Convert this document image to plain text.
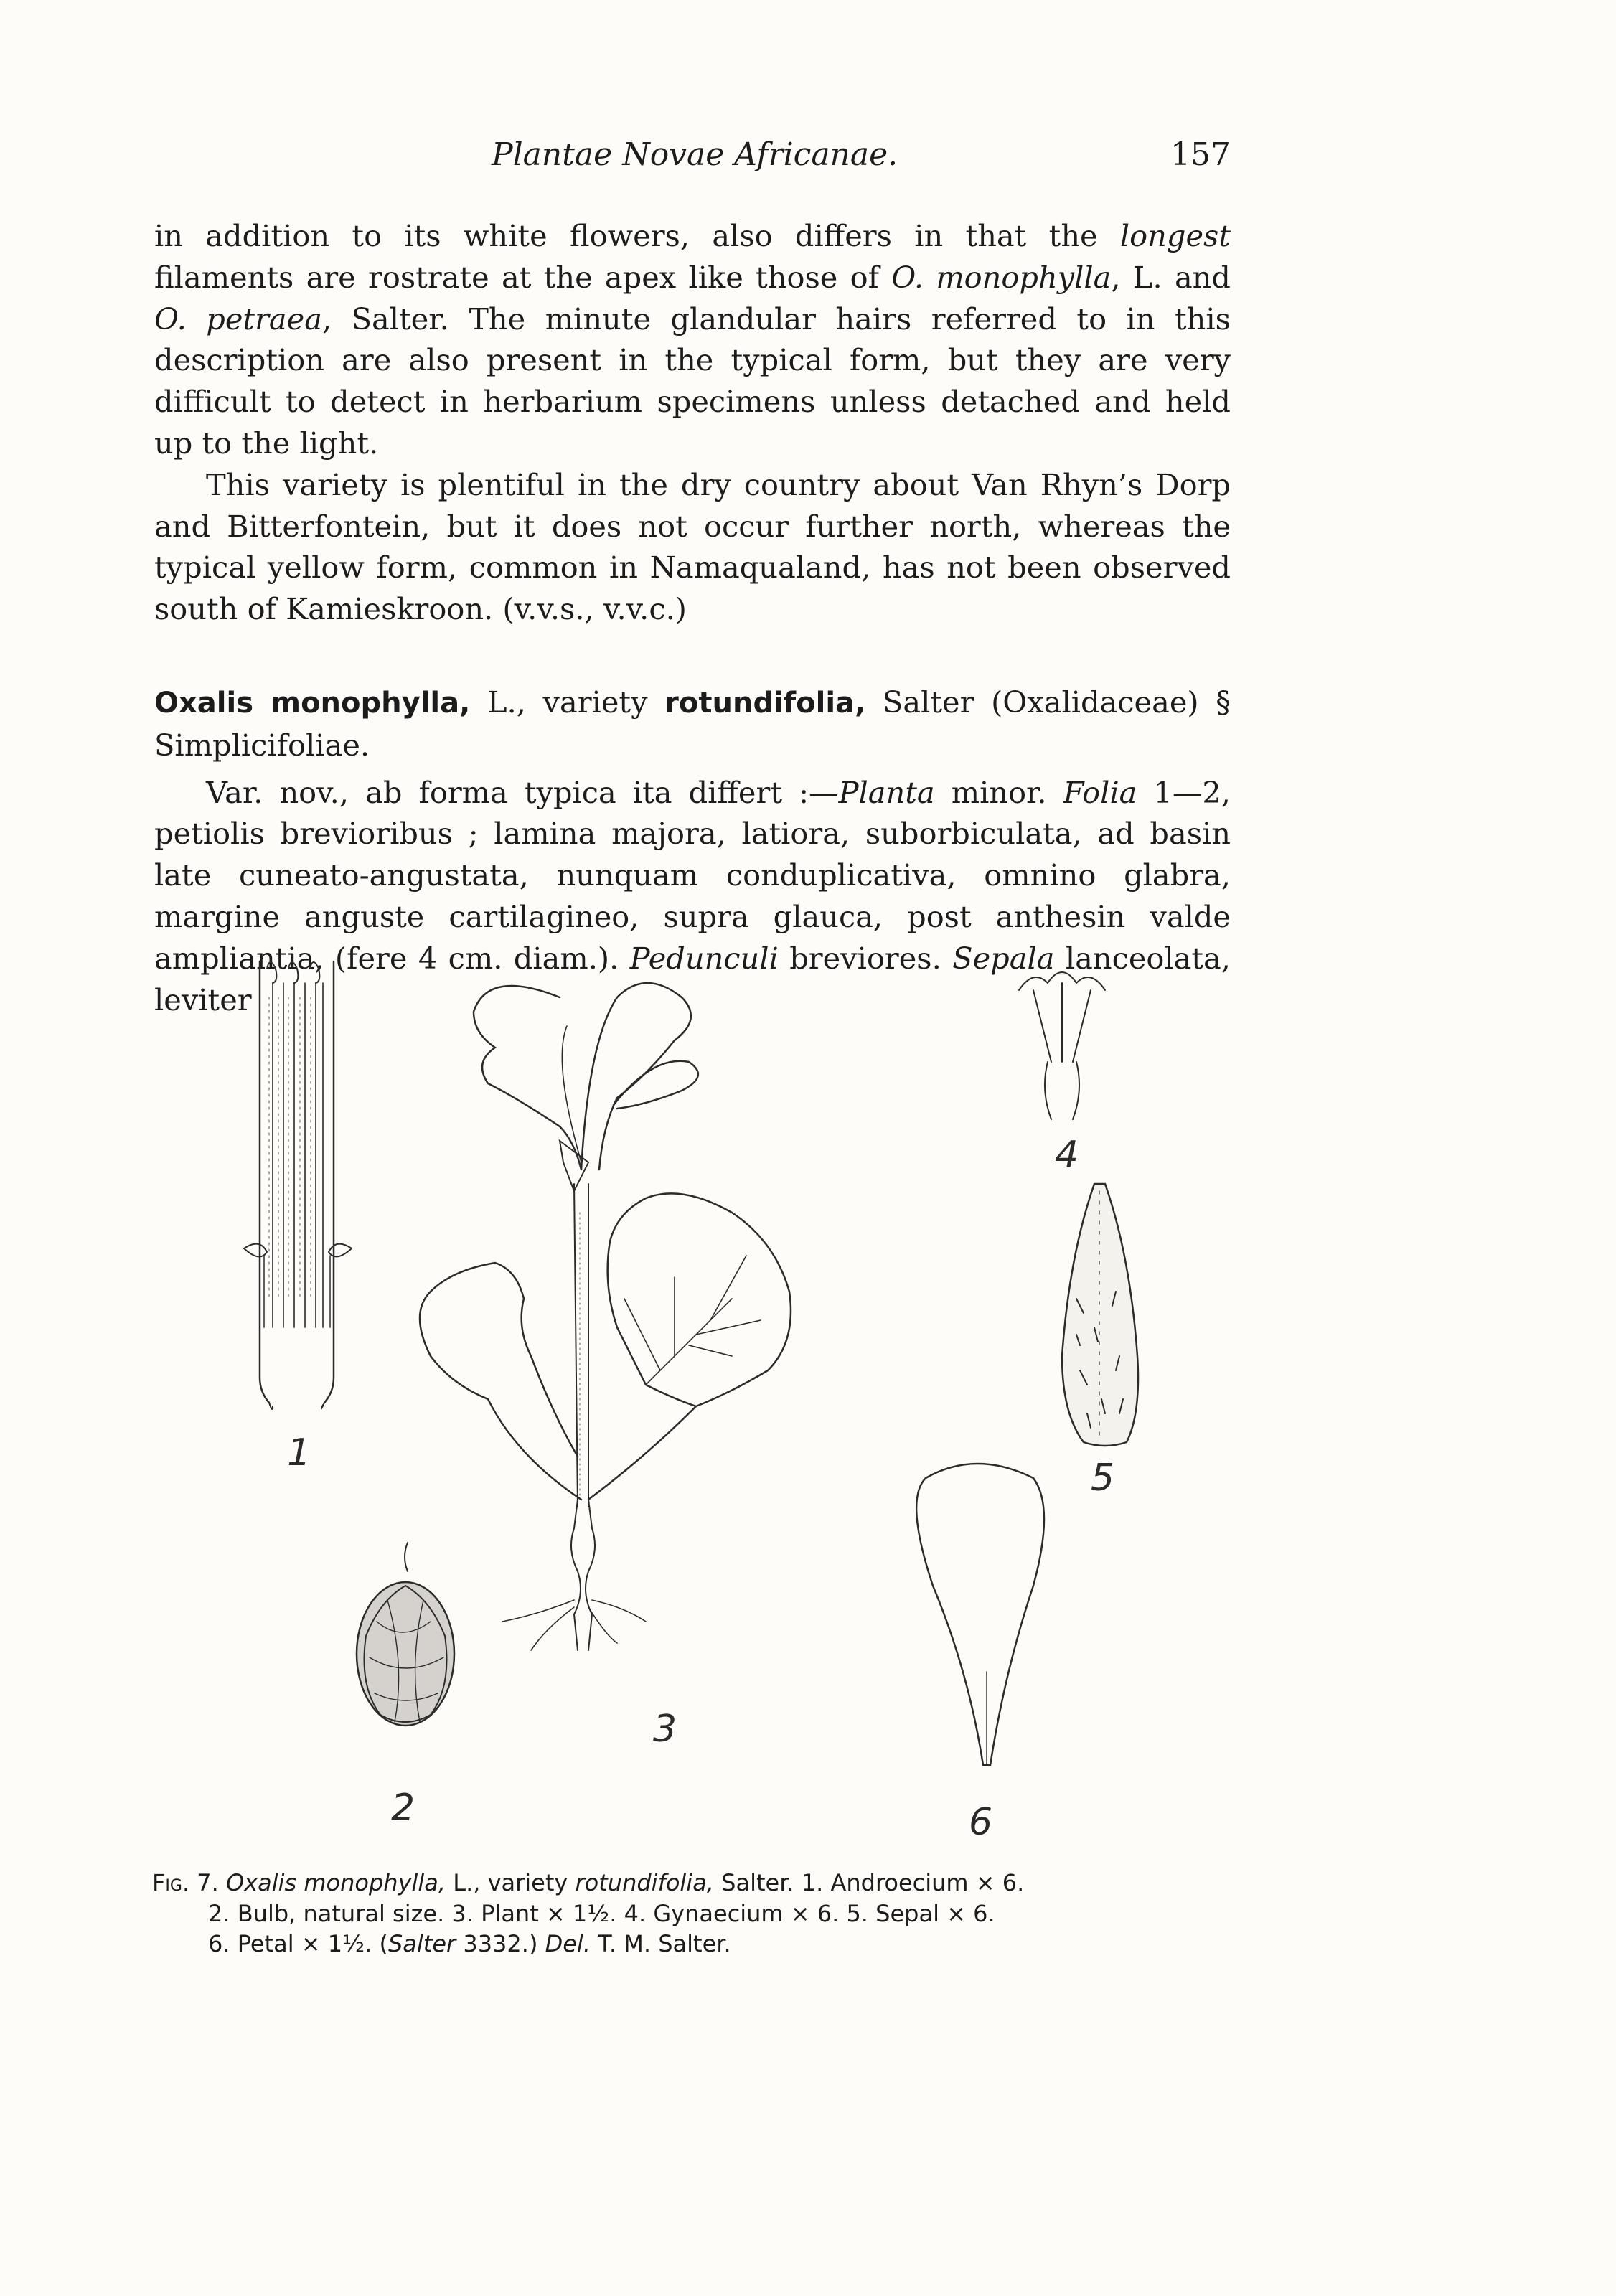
Plantae Novae Africanae.	157

in addition to its white flowers, also differs in that the longest filaments are rostrate at the apex like those of O. monophylla, L. and O. petraea, Salter. The minute glandular hairs referred to in this description are also present in the typical form, but they are very difficult to detect in herbarium specimens unless detached and held up to the light.

This variety is plentiful in the dry country about Van Rhyn’s Dorp and Bitterfontein, but it does not occur further north, whereas the typical yellow form, common in Namaqualand, has not been observed south of Kamieskroon. (v.v.s., v.v.c.)

Oxalis monophylla, L., variety rotundifolia, Salter (Oxalidaceae) § Simplicifoliae.

Var. nov., ab forma typica ita differt :—Planta minor. Folia 1—2, petiolis brevioribus ; lamina majora, latiora, suborbiculata, ad basin late cuneato-angustata, nunquam conduplicativa, omnino glabra, margine anguste cartilagineo, supra glauca, post anthesin valde ampliantia, (fere 4 cm. diam.). Pedunculi breviores. Sepala lanceolata, leviter

1
2
3
4
5
6

Fig. 7. Oxalis monophylla, L., variety rotundifolia, Salter. 1. Androecium × 6.

2. Bulb, natural size. 3. Plant × 1½. 4. Gynaecium × 6. 5. Sepal × 6.

6. Petal × 1½. (Salter 3332.) Del. T. M. Salter.
